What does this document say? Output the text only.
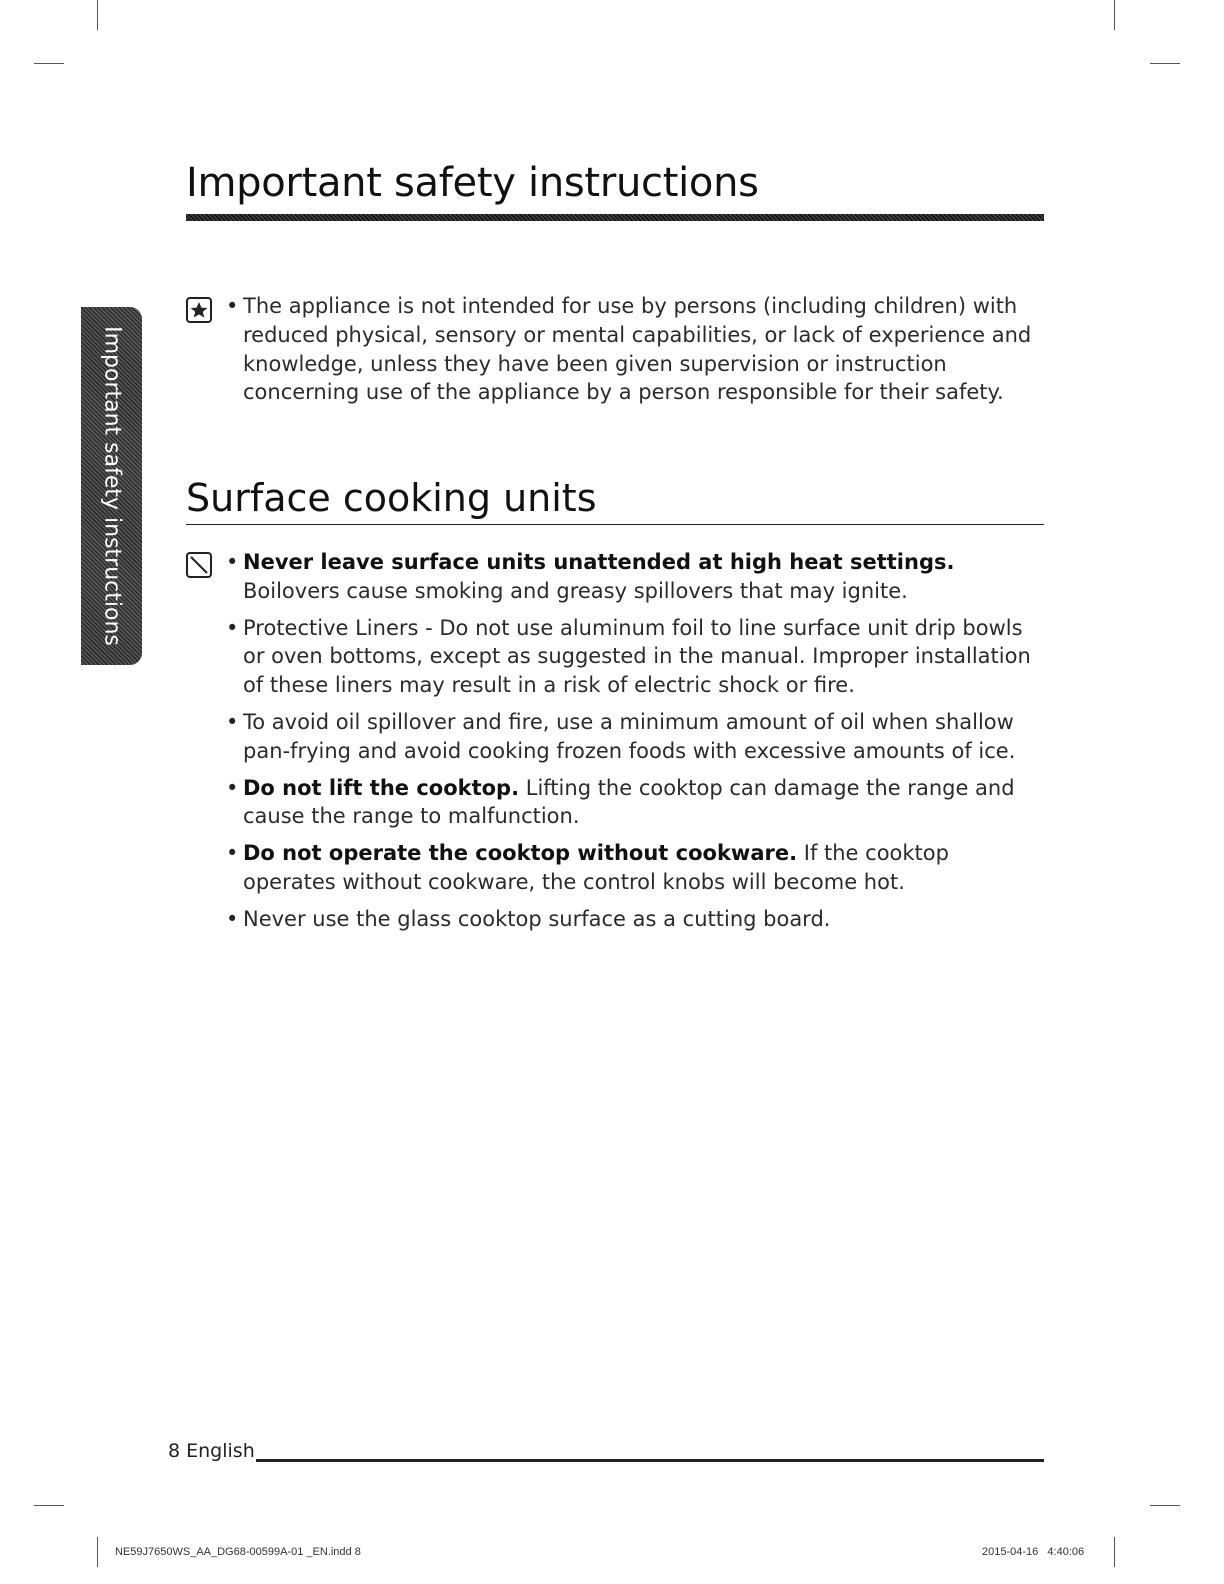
Important safety instructions
Important safety instructions
• The appliance is not intended for use by persons (including children) with reduced physical, sensory or mental capabilities, or lack of experience and knowledge, unless they have been given supervision or instruction concerning use of the appliance by a person responsible for their safety.
Surface cooking units
• Never leave surface units unattended at high heat settings. Boilovers cause smoking and greasy spillovers that may ignite.
• Protective Liners - Do not use aluminum foil to line surface unit drip bowls or oven bottoms, except as suggested in the manual. Improper installation of these liners may result in a risk of electric shock or fire.
• To avoid oil spillover and fire, use a minimum amount of oil when shallow pan-frying and avoid cooking frozen foods with excessive amounts of ice.
• Do not lift the cooktop. Lifting the cooktop can damage the range and cause the range to malfunction.
• Do not operate the cooktop without cookware. If the cooktop operates without cookware, the control knobs will become hot.
• Never use the glass cooktop surface as a cutting board.
8 English
NE59J7650WS_AA_DG68-00599A-01 _EN.indd 8	2015-04-16   4:40:06
